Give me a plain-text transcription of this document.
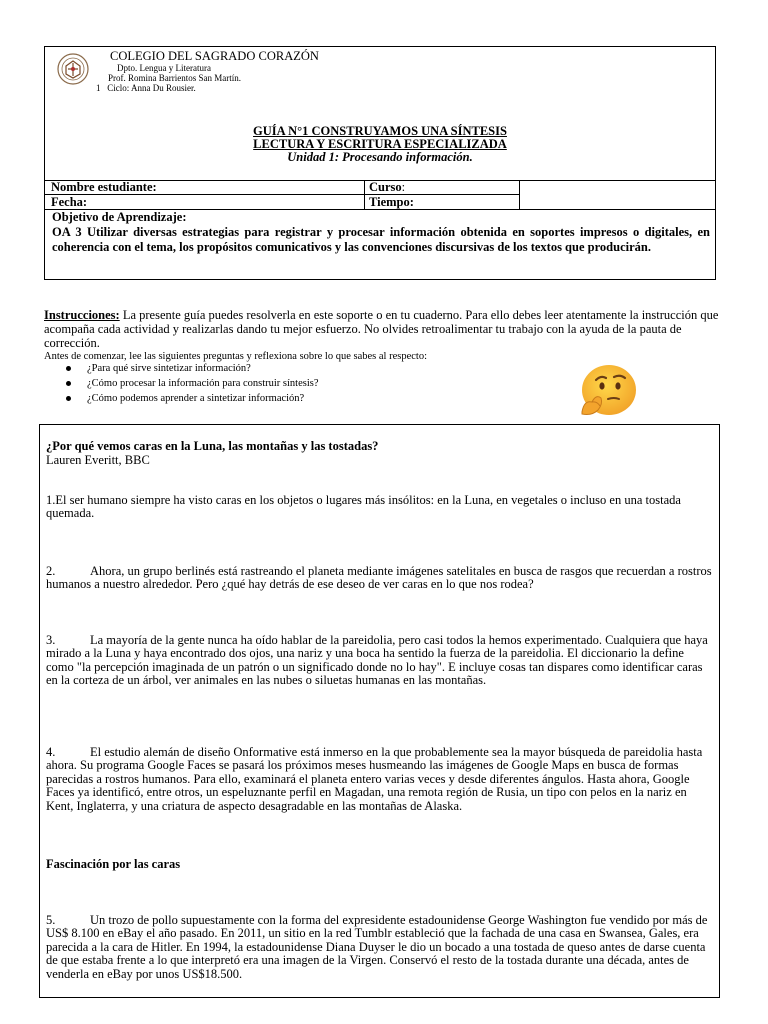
COLEGIO DEL SAGRADO CORAZÓN
Dpto. Lengua y Literatura
Prof. Romina Barrientos San Martín.
1   Ciclo: Anna Du Rousier.
GUÍA N°1 CONSTRUYAMOS UNA SÍNTESIS
LECTURA Y ESCRITURA ESPECIALIZADA
Unidad 1: Procesando información.
Nombre estudiante:	Curso:
Fecha:	Tiempo:
Objetivo de Aprendizaje:
OA 3 Utilizar diversas estrategias para registrar y procesar información obtenida en soportes impresos o digitales, en coherencia con el tema, los propósitos comunicativos y las convenciones discursivas de los textos que producirán.
Instrucciones: La presente guía puedes resolverla en este soporte o en tu cuaderno. Para ello debes leer atentamente la instrucción que acompaña cada actividad y realizarlas dando tu mejor esfuerzo. No olvides retroalimentar tu trabajo con la ayuda de la pauta de corrección.
Antes de comenzar, lee las siguientes preguntas y reflexiona sobre lo que sabes al respecto:
¿Para qué sirve sintetizar información?
¿Cómo procesar la información para construir síntesis?
¿Cómo podemos aprender a sintetizar información?
¿Por qué vemos caras en la Luna, las montañas y las tostadas?
Lauren Everitt, BBC
1.El ser humano siempre ha visto caras en los objetos o lugares más insólitos: en la Luna, en vegetales o incluso en una tostada quemada.
2.	Ahora, un grupo berlinés está rastreando el planeta mediante imágenes satelitales en busca de rasgos que recuerdan a rostros humanos a nuestro alrededor. Pero ¿qué hay detrás de ese deseo de ver caras en lo que nos rodea?
3.	La mayoría de la gente nunca ha oído hablar de la pareidolia, pero casi todos la hemos experimentado. Cualquiera que haya mirado a la Luna y haya encontrado dos ojos, una nariz y una boca ha sentido la fuerza de la pareidolia. El diccionario la define como "la percepción imaginada de un patrón o un significado donde no lo hay". E incluye cosas tan dispares como identificar caras en la corteza de un árbol, ver animales en las nubes o siluetas humanas en las montañas.
4.	El estudio alemán de diseño Onformative está inmerso en la que probablemente sea la mayor búsqueda de pareidolia hasta ahora. Su programa Google Faces se pasará los próximos meses husmeando las imágenes de Google Maps en busca de formas parecidas a rostros humanos. Para ello, examinará el planeta entero varias veces y desde diferentes ángulos. Hasta ahora, Google Faces ya identificó, entre otros, un espeluznante perfil en Magadan, una remota región de Rusia, un tipo con pelos en la nariz en Kent, Inglaterra, y una criatura de aspecto desagradable en las montañas de Alaska.
Fascinación por las caras
5.	Un trozo de pollo supuestamente con la forma del expresidente estadounidense George Washington fue vendido por más de US$ 8.100 en eBay el año pasado. En 2011, un sitio en la red Tumblr estableció que la fachada de una casa en Swansea, Gales, era parecida a la cara de Hitler. En 1994, la estadounidense Diana Duyser le dio un bocado a una tostada de queso antes de darse cuenta de que estaba frente a lo que interpretó era una imagen de la Virgen. Conservó el resto de la tostada durante una década, antes de venderla en eBay por unos US$18.500.
